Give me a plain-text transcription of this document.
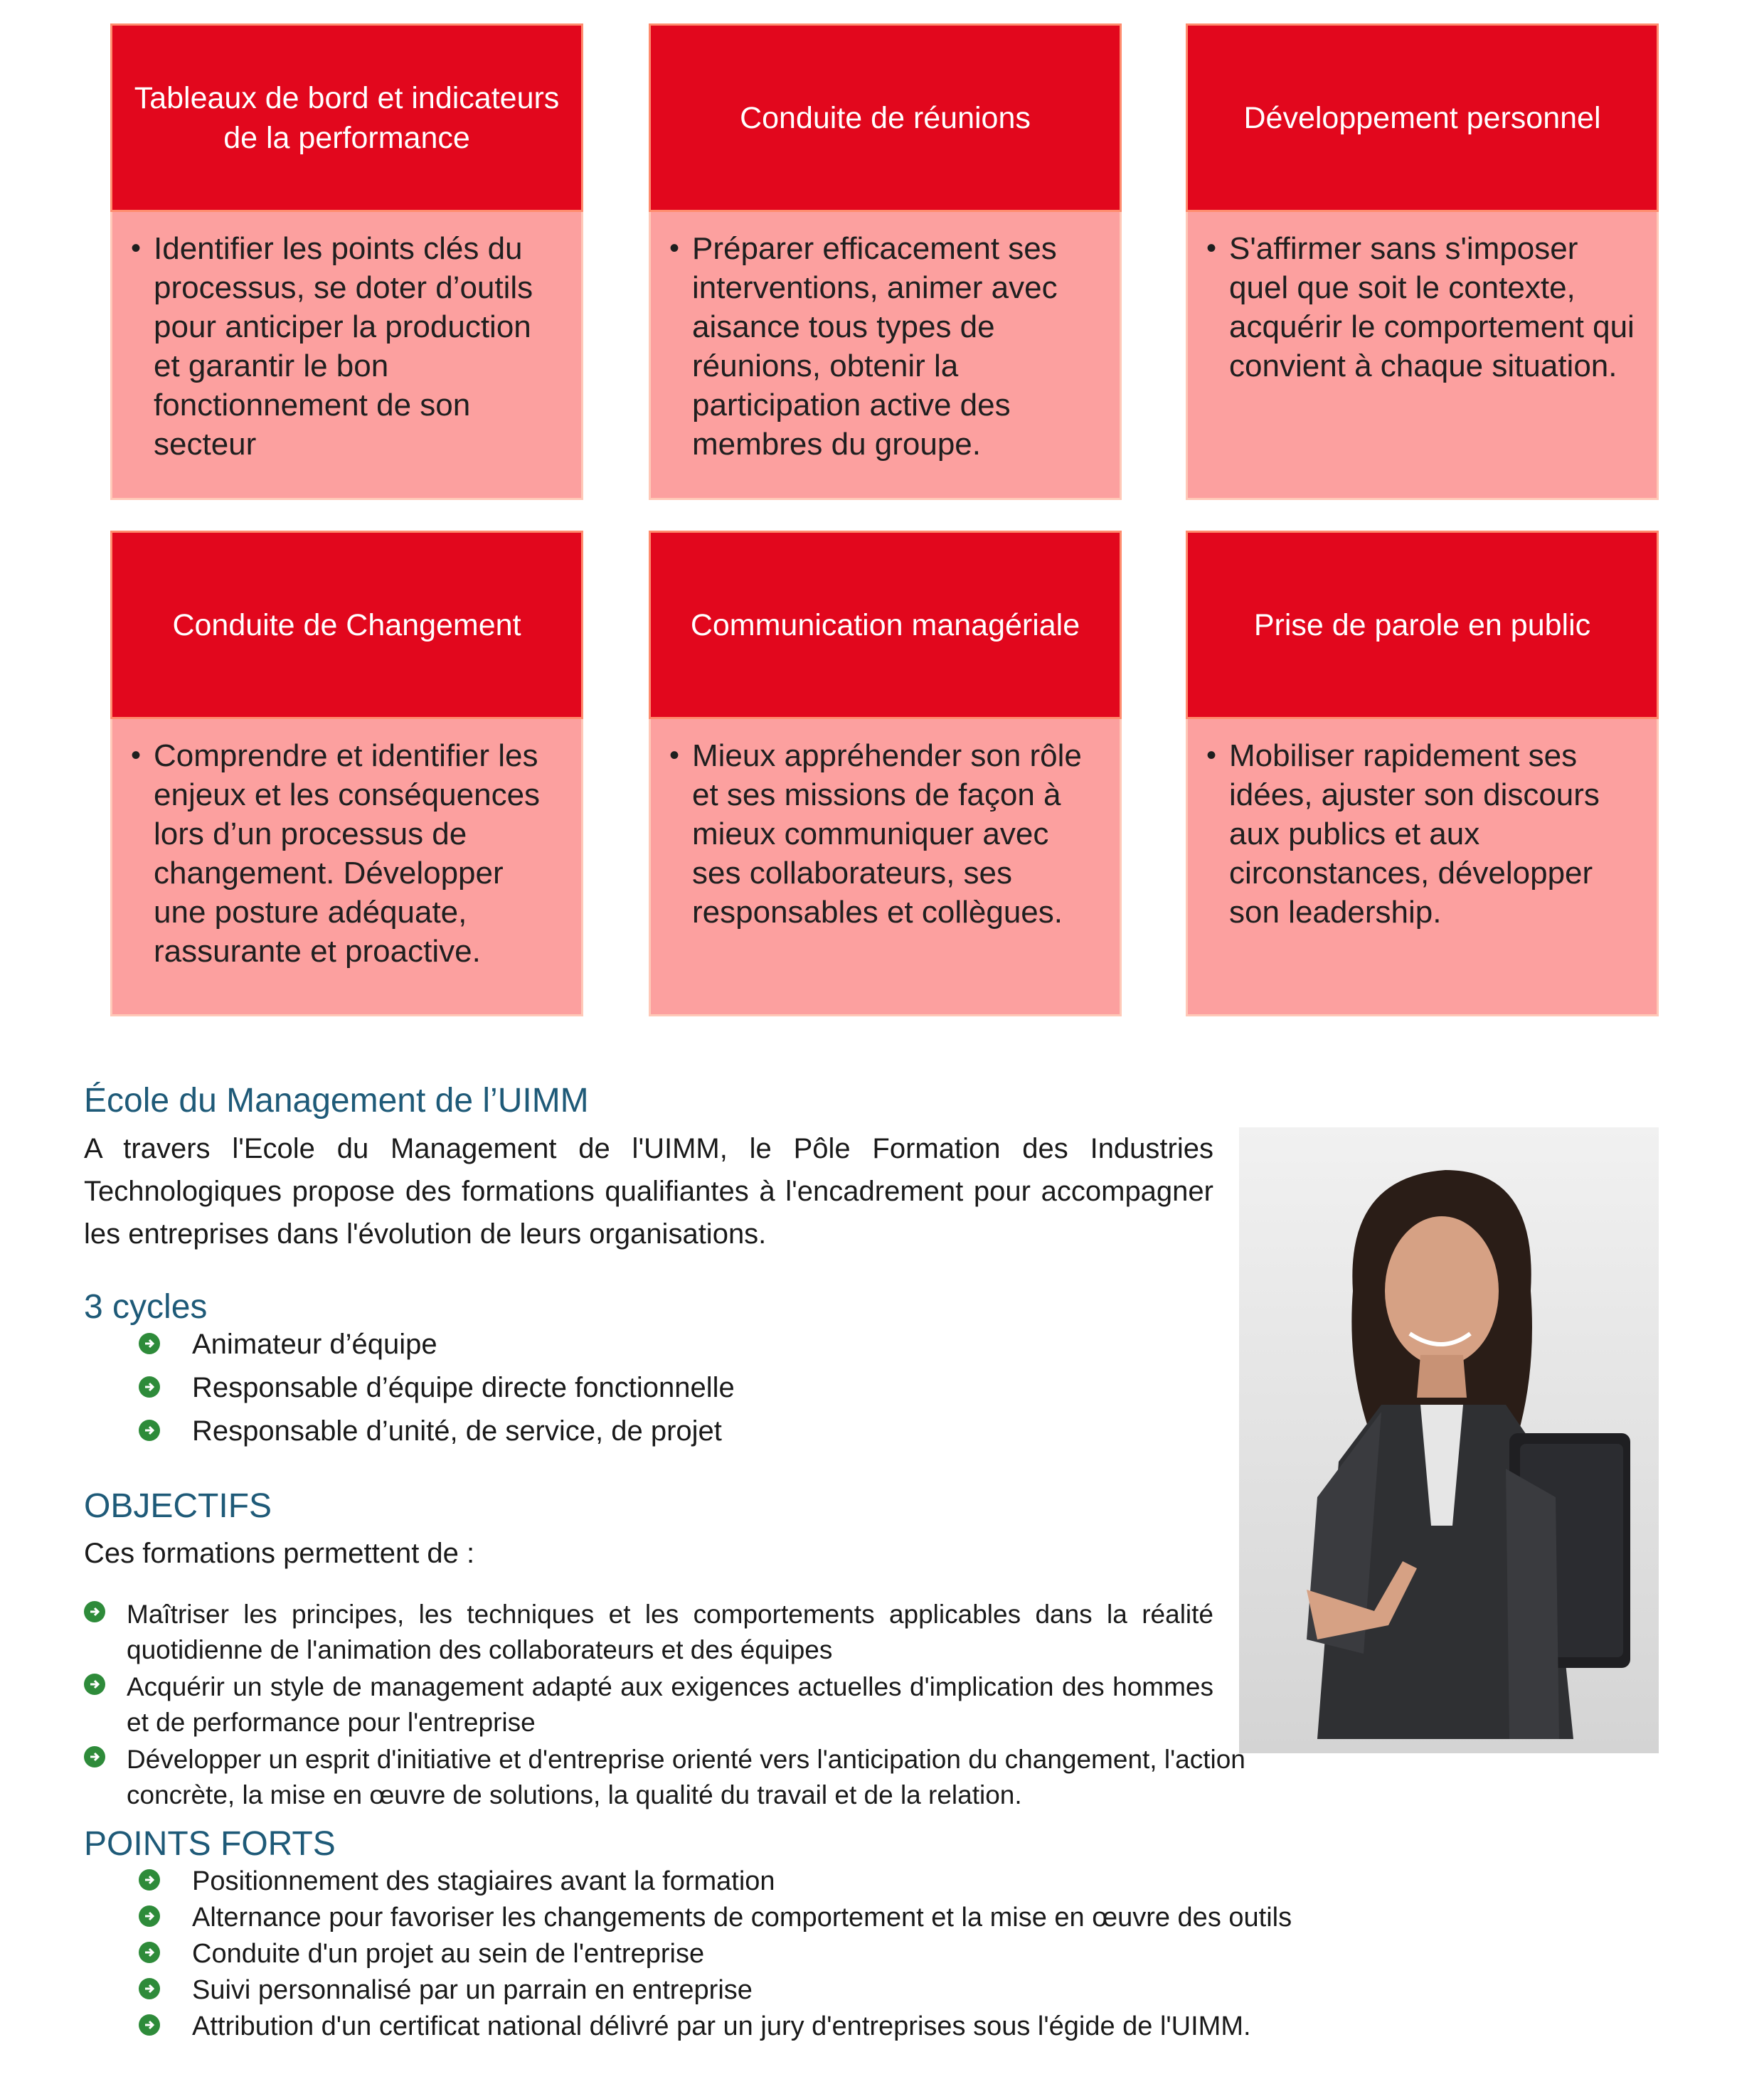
Tableaux de bord et indicateurs de la performance
• Identifier les points clés du processus, se doter d’outils pour anticiper la production et garantir le bon fonctionnement de son secteur
Conduite de réunions
• Préparer efficacement ses interventions, animer avec aisance tous types de réunions, obtenir la participation active des membres du groupe.
Développement personnel
• S'affirmer sans s'imposer quel que soit le contexte, acquérir le comportement qui convient à chaque situation.
Conduite de Changement
• Comprendre et identifier les enjeux et les conséquences lors d’un processus de changement. Développer une posture adéquate, rassurante et proactive.
Communication managériale
• Mieux appréhender son rôle et ses missions de façon à mieux communiquer avec ses collaborateurs, ses responsables et collègues.
Prise de parole en public
• Mobiliser rapidement ses idées, ajuster son discours aux publics et aux circonstances, développer son leadership.
École du Management de l’UIMM
A travers l'Ecole du Management de l'UIMM, le Pôle Formation des Industries Technologiques propose des formations qualifiantes à l'encadrement pour accompagner les entreprises dans l'évolution de leurs organisations.
3 cycles
Animateur d’équipe
Responsable d’équipe directe fonctionnelle
Responsable d’unité, de service, de projet
OBJECTIFS
Ces formations permettent de :
Maîtriser les principes, les techniques et les comportements applicables dans la réalité quotidienne de l'animation des collaborateurs et des équipes
Acquérir un style de management adapté aux exigences actuelles d'implication des hommes et de performance pour l'entreprise
Développer un esprit d'initiative et d'entreprise orienté vers l'anticipation du changement, l'action concrète, la mise en œuvre de solutions, la qualité du travail et de la relation.
POINTS FORTS
Positionnement des stagiaires avant la formation
Alternance pour favoriser les changements de comportement et la mise en œuvre des outils
Conduite d'un projet au sein de l'entreprise
Suivi personnalisé par un parrain en entreprise
Attribution d'un certificat national délivré par un jury d'entreprises sous l'égide de l'UIMM.
